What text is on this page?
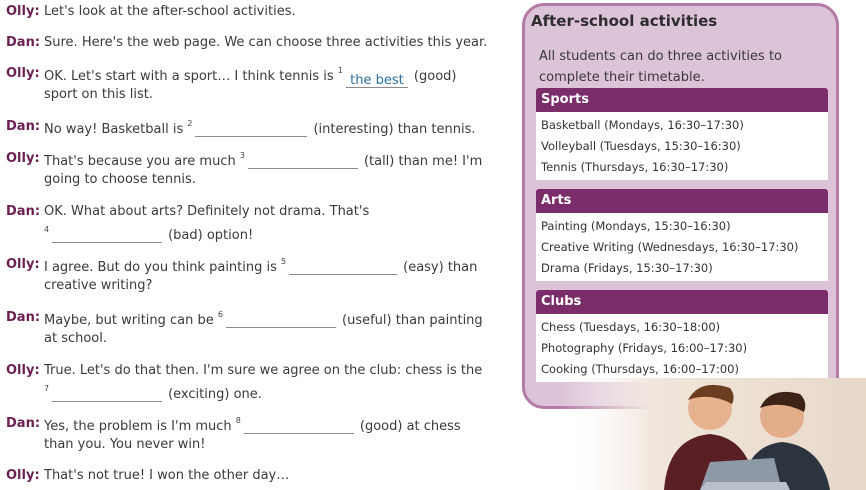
Olly: Let's look at the after-school activities.
Dan: Sure. Here's the web page. We can choose three activities this year.
Olly: OK. Let's start with a sport… I think tennis is $^1$the best (good)
sport on this list.
Dan: No way! Basketball is $^2$	(interesting) than tennis.
Olly: That's because you are much $^3$	(tall) than me! I'm
going to choose tennis.
Dan: OK. What about arts? Definitely not drama. That's
$^4$	(bad) option!
Olly: I agree. But do you think painting is $^5$	(easy) than
creative writing?
Dan: Maybe, but writing can be $^6$	(useful) than painting
at school.
Olly: True. Let's do that then. I'm sure we agree on the club: chess is the
$^7$	(exciting) one.
Dan: Yes, the problem is I'm much $^8$	(good) at chess
than you. You never win!
Olly: That's not true! I won the other day…
After-school activities
All students can do three activities to complete their timetable.
Sports
Basketball (Mondays, 16:30–17:30)
Volleyball (Tuesdays, 15:30–16:30)
Tennis (Thursdays, 16:30–17:30)
Arts
Painting (Mondays, 15:30–16:30)
Creative Writing (Wednesdays, 16:30–17:30)
Drama (Fridays, 15:30–17:30)
Clubs
Chess (Tuesdays, 16:30–18:00)
Photography (Fridays, 16:00–17:30)
Cooking (Thursdays, 16:00–17:00)
